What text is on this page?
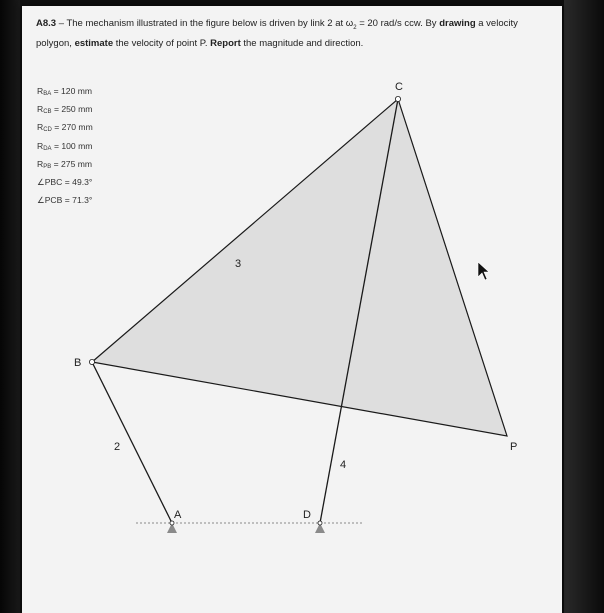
A8.3 – The mechanism illustrated in the figure below is driven by link 2 at $\omega_2 = 20$ rad/s ccw. By drawing a velocity polygon, estimate the velocity of point P. Report the magnitude and direction.
$R_{BA} = 120$ mm
$R_{CB} = 250$ mm
$R_{CD} = 270$ mm
$R_{DA} = 100$ mm
$R_{PB} = 275$ mm
∠PBC = 49.3°
∠PCB = 71.3°
A
B
C
D
P
2
3
4
